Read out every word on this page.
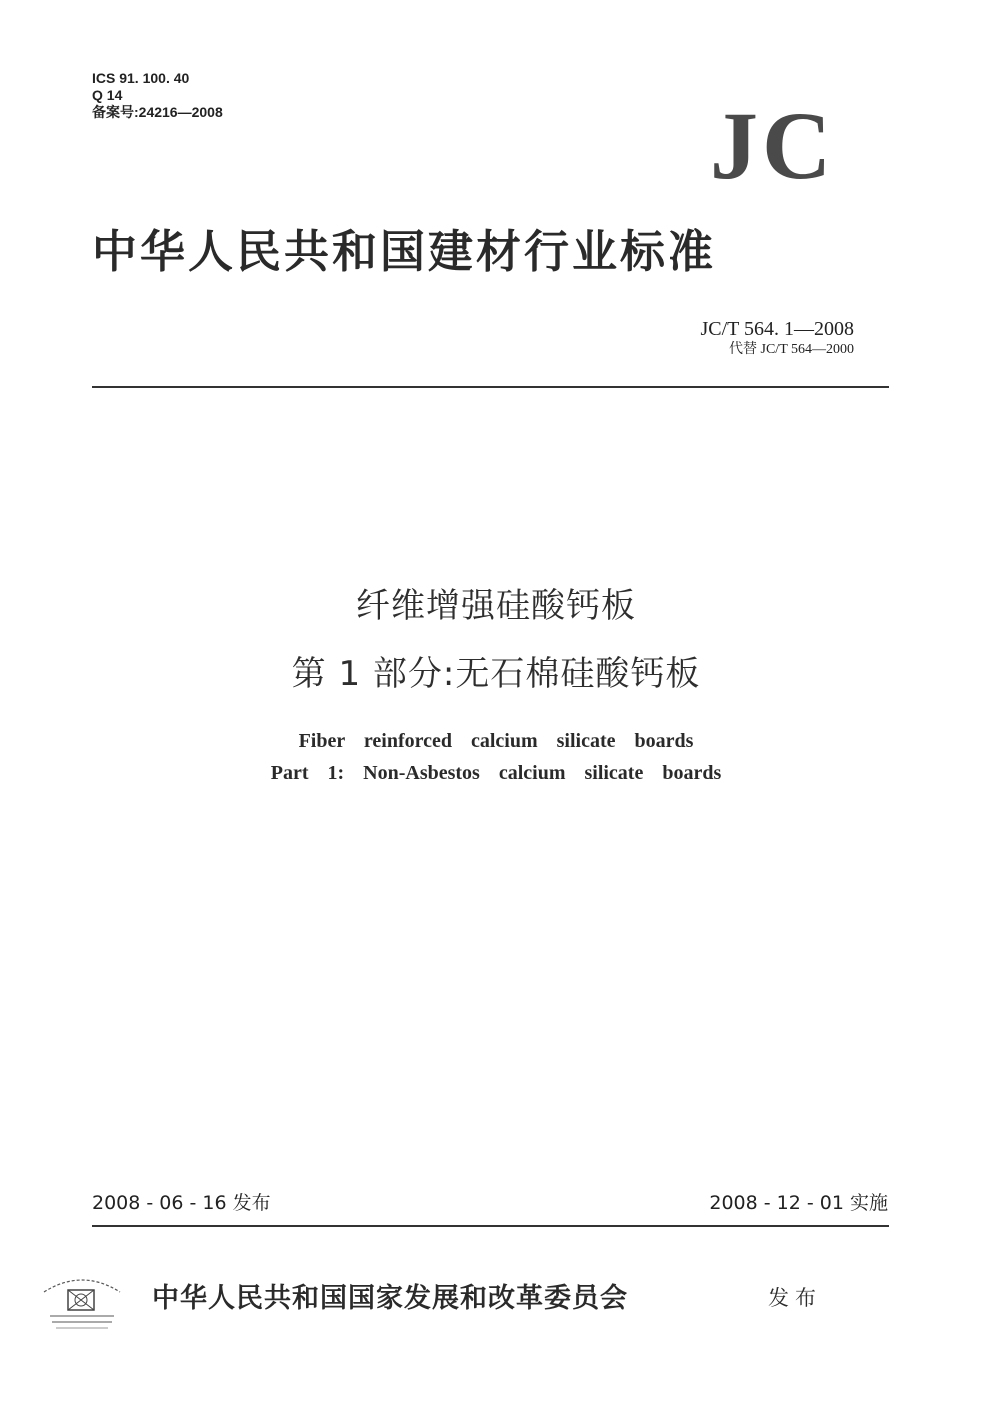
ICS 91. 100. 40
Q 14
备案号:24216—2008	JC
中华人民共和国建材行业标准
JC/T 564. 1—2008
代替 JC/T 564—2000
纤维增强硅酸钙板
第 1 部分:无石棉硅酸钙板
Fiber reinforced calcium silicate boards
Part 1: Non-Asbestos calcium silicate boards
2008 - 06 - 16 发布	2008 - 12 - 01 实施
中华人民共和国国家发展和改革委员会	发布
